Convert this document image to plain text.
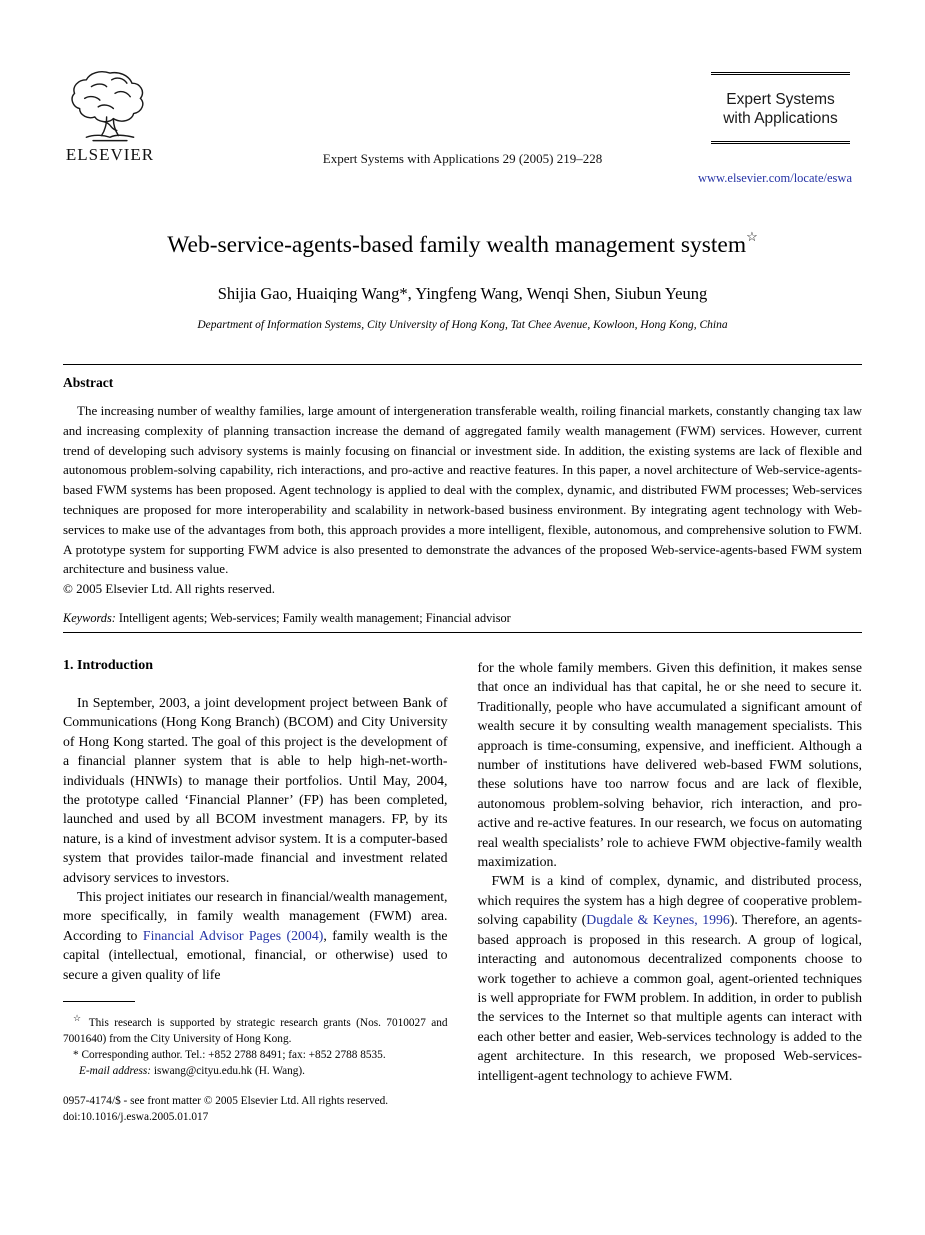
ELSEVIER	Expert Systems with Applications 29 (2005) 219–228
Expert Systems
with Applications
www.elsevier.com/locate/eswa
Web-service-agents-based family wealth management system☆
Shijia Gao, Huaiqing Wang*, Yingfeng Wang, Wenqi Shen, Siubun Yeung
Department of Information Systems, City University of Hong Kong, Tat Chee Avenue, Kowloon, Hong Kong, China
Abstract
The increasing number of wealthy families, large amount of intergeneration transferable wealth, roiling financial markets, constantly changing tax law and increasing complexity of planning transaction increase the demand of aggregated family wealth management (FWM) services. However, current trend of developing such advisory systems is mainly focusing on financial or investment side. In addition, the existing systems are lack of flexible and autonomous problem-solving capability, rich interactions, and pro-active and reactive features. In this paper, a novel architecture of Web-service-agents-based FWM systems has been proposed. Agent technology is applied to deal with the complex, dynamic, and distributed FWM processes; Web-services techniques are proposed for more interoperability and scalability in network-based business environment. By integrating agent technology with Web-services to make use of the advantages from both, this approach provides a more intelligent, flexible, autonomous, and comprehensive solution to FWM. A prototype system for supporting FWM advice is also presented to demonstrate the advances of the proposed Web-service-agents-based FWM system architecture and business value.
© 2005 Elsevier Ltd. All rights reserved.
Keywords: Intelligent agents; Web-services; Family wealth management; Financial advisor
1. Introduction

In September, 2003, a joint development project between Bank of Communications (Hong Kong Branch) (BCOM) and City University of Hong Kong started. The goal of this project is the development of a financial planner system that is able to help high-net-worth-individuals (HNWIs) to manage their portfolios. Until May, 2004, the prototype called ‘Financial Planner’ (FP) has been completed, launched and used by all BCOM investment managers. FP, by its nature, is a kind of investment advisor system. It is a computer-based system that provides tailor-made financial and investment related advisory services to investors.

This project initiates our research in financial/wealth management, more specifically, in family wealth management (FWM) area. According to Financial Advisor Pages (2004), family wealth is the capital (intellectual, emotional, financial, or otherwise) used to secure a given quality of life

☆ This research is supported by strategic research grants (Nos. 7010027 and 7001640) from the City University of Hong Kong.

* Corresponding author. Tel.: +852 2788 8491; fax: +852 2788 8535.

E-mail address: iswang@cityu.edu.hk (H. Wang).

0957-4174/$ - see front matter © 2005 Elsevier Ltd. All rights reserved.

doi:10.1016/j.eswa.2005.01.017

for the whole family members. Given this definition, it makes sense that once an individual has that capital, he or she need to secure it. Traditionally, people who have accumulated a significant amount of wealth secure it by consulting wealth management specialists. This approach is time-consuming, expensive, and inefficient. Although a number of institutions have delivered web-based FWM solutions, these solutions have too narrow focus and are lack of flexible, autonomous problem-solving behavior, rich interaction, and pro-active and re-active features. In our research, we focus on automating real wealth specialists’ role to achieve FWM objective-family wealth maximization.

FWM is a kind of complex, dynamic, and distributed process, which requires the system has a high degree of cooperative problem-solving capability (Dugdale & Keynes, 1996). Therefore, an agents-based approach is proposed in this research. A group of logical, interacting and autonomous decentralized components choose to work together to achieve a common goal, agent-oriented techniques is well appropriate for FWM problem. In addition, in order to publish the services to the Internet so that multiple agents can interact with each other better and easier, Web-services technology is added to the agent architecture. In this research, we proposed Web-services-intelligent-agent technology to achieve FWM.
